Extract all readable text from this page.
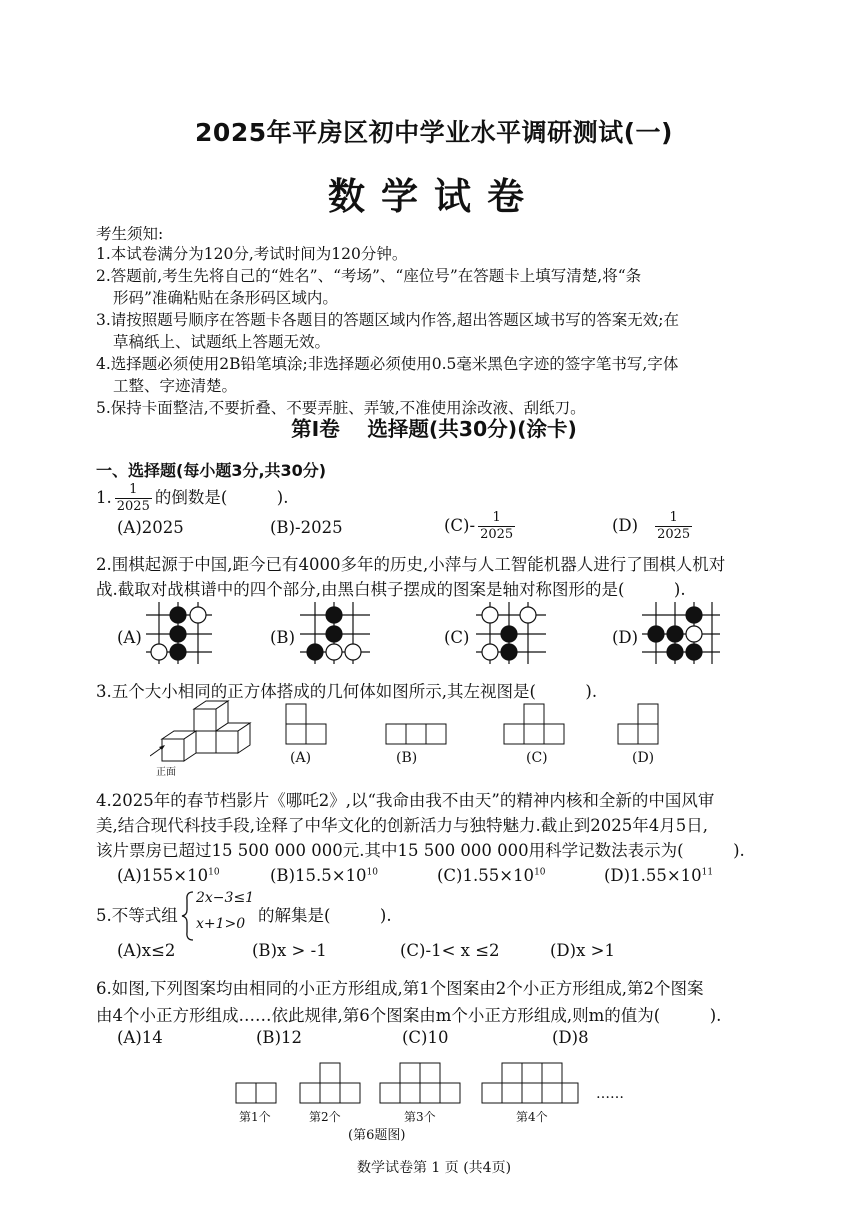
2025年平房区初中学业水平调研测试(一)
数学试卷
考生须知:
1.本试卷满分为120分,考试时间为120分钟。
2.答题前,考生先将自己的“姓名”、“考场”、“座位号”在答题卡上填写清楚,将“条
形码”准确粘贴在条形码区域内。
3.请按照题号顺序在答题卡各题目的答题区域内作答,超出答题区域书写的答案无效;在
草稿纸上、试题纸上答题无效。
4.选择题必须使用2B铅笔填涂;非选择题必须使用0.5毫米黑色字迹的签字笔书写,字体
工整、字迹清楚。
5.保持卡面整洁,不要折叠、不要弄脏、弄皱,不准使用涂改液、刮纸刀。
第Ⅰ卷　 选择题(共30分)(涂卡)
一、选择题(每小题3分,共30分)
1. $\frac{1}{2025}$ 的倒数是(　　　).
(A)2025	(B)-2025	$(C)- \frac{1}{2025}$	$(D) \frac{1}{2025}$
2.围棋起源于中国,距今已有4000多年的历史,小萍与人工智能机器人进行了围棋人机对
战.截取对战棋谱中的四个部分,由黑白棋子摆成的图案是轴对称图形的是(　　　).
(A)	(B)	(C)	(D)
3.五个大小相同的正方体搭成的几何体如图所示,其左视图是(　　　).
正面
(A)	(B)	(C)	(D)
4.2025年的春节档影片《哪吒2》,以“我命由我不由天”的精神内核和全新的中国风审
美,结合现代科技手段,诠释了中华文化的创新活力与独特魅力.截止到2025年4月5日,
该片票房已超过15 500 000 000元.其中15 500 000 000用科学记数法表示为(　　　).
$(A)155\times 10^{10}$	$(B)15.5\times 10^{10}$	$(C)1.55\times 10^{10}$	$(D)1.55\times 10^{11}$
5.不等式组
2x−3≤1
x+1>0 的解集是(　　　).
(A)x≤2	(B)x > -1	(C)-1< x ≤2	(D)x >1
6.如图,下列图案均由相同的小正方形组成,第1个图案由2个小正方形组成,第2个图案
由4个小正方形组成……依此规律,第6个图案由m个小正方形组成,则m的值为(　　　).
(A)14	(B)12	(C)10	(D)8
……
第1个	第2个	第3个	第4个
(第6题图)
数学试卷第 1 页 (共4页)
